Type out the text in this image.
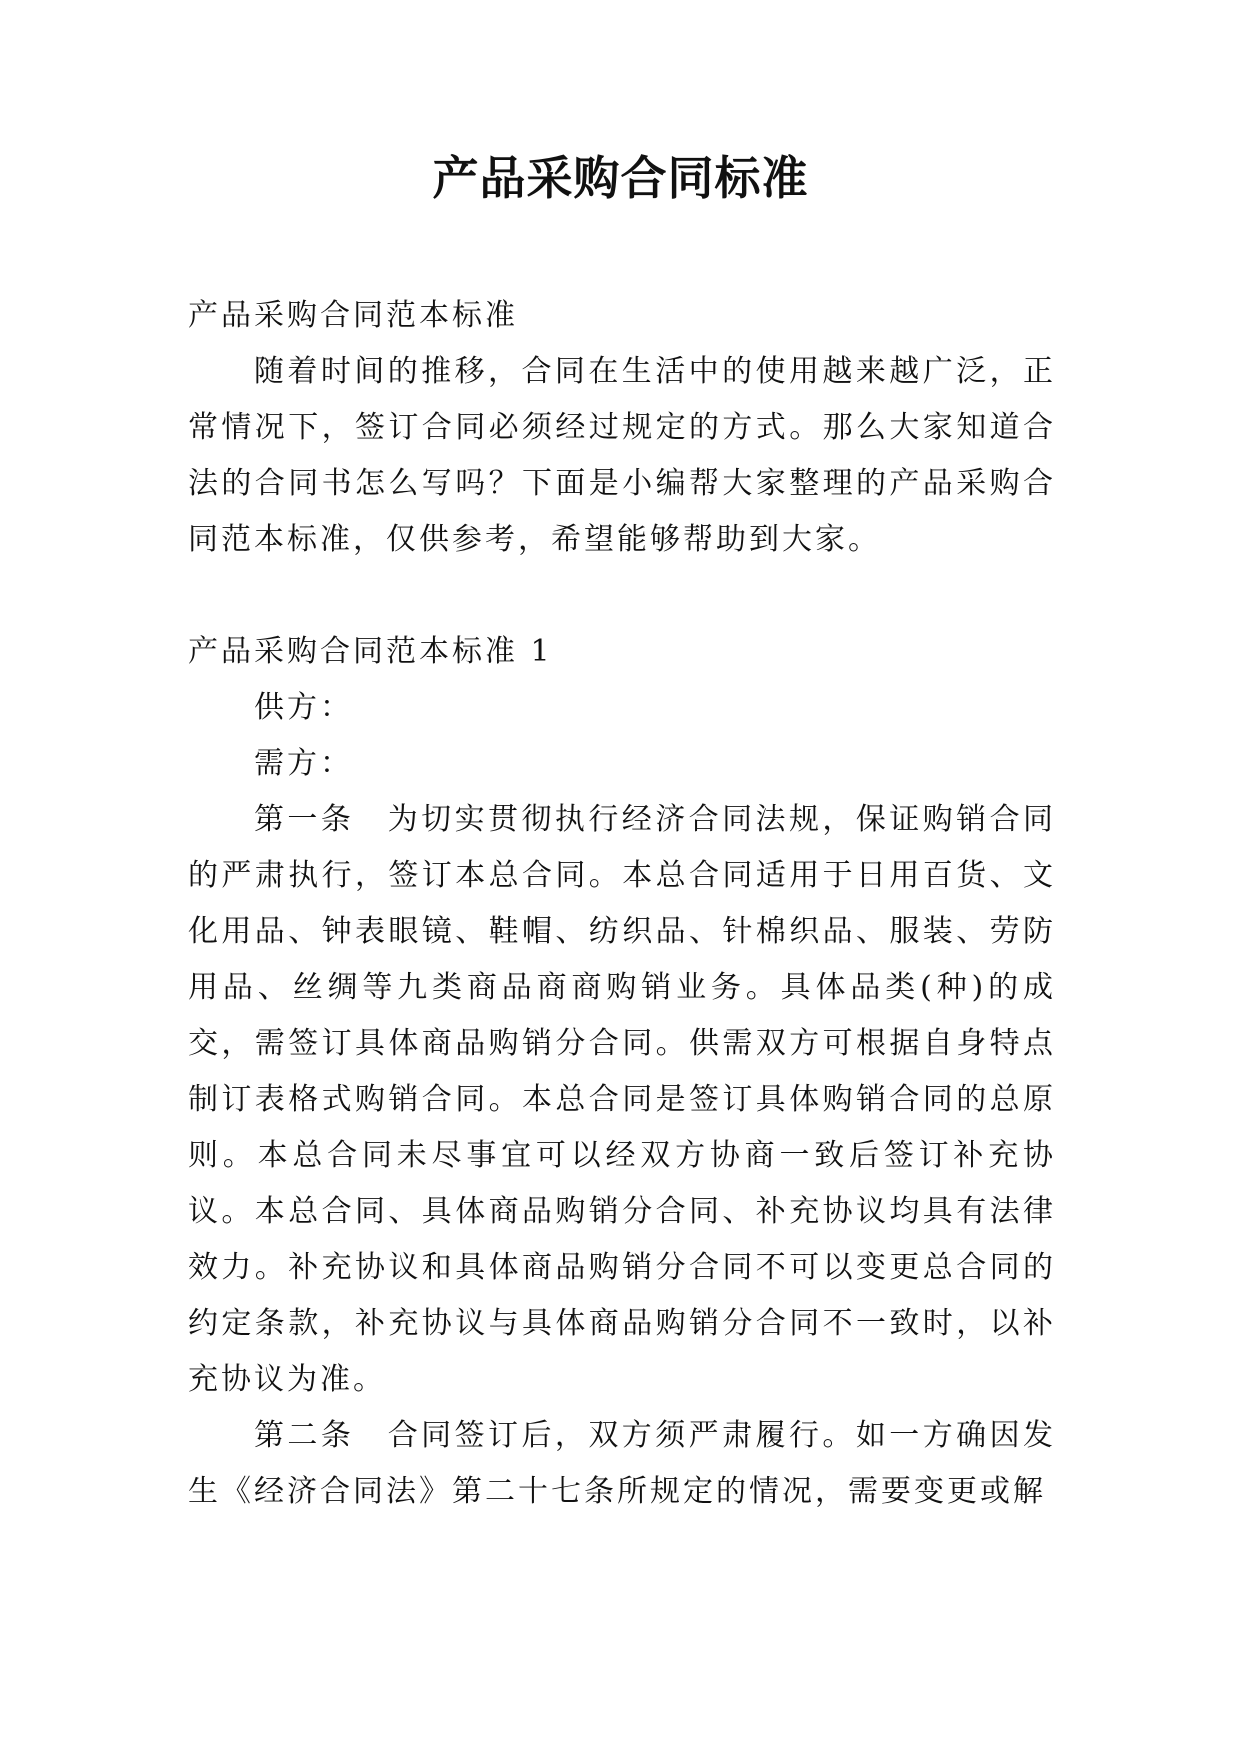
产品采购合同标准

产品采购合同范本标准

随着时间的推移，合同在生活中的使用越来越广泛，正常情况下，签订合同必须经过规定的方式。那么大家知道合法的合同书怎么写吗？下面是小编帮大家整理的产品采购合同范本标准，仅供参考，希望能够帮助到大家。

产品采购合同范本标准 1

供方：

需方：

第一条　为切实贯彻执行经济合同法规，保证购销合同的严肃执行，签订本总合同。本总合同适用于日用百货、文化用品、钟表眼镜、鞋帽、纺织品、针棉织品、服装、劳防用品、丝绸等九类商品商商购销业务。具体品类(种)的成交，需签订具体商品购销分合同。供需双方可根据自身特点制订表格式购销合同。本总合同是签订具体购销合同的总原则。本总合同未尽事宜可以经双方协商一致后签订补充协议。本总合同、具体商品购销分合同、补充协议均具有法律效力。补充协议和具体商品购销分合同不可以变更总合同的约定条款，补充协议与具体商品购销分合同不一致时，以补充协议为准。

第二条　合同签订后，双方须严肃履行。如一方确因发生《经济合同法》第二十七条所规定的情况，需要变更或解
